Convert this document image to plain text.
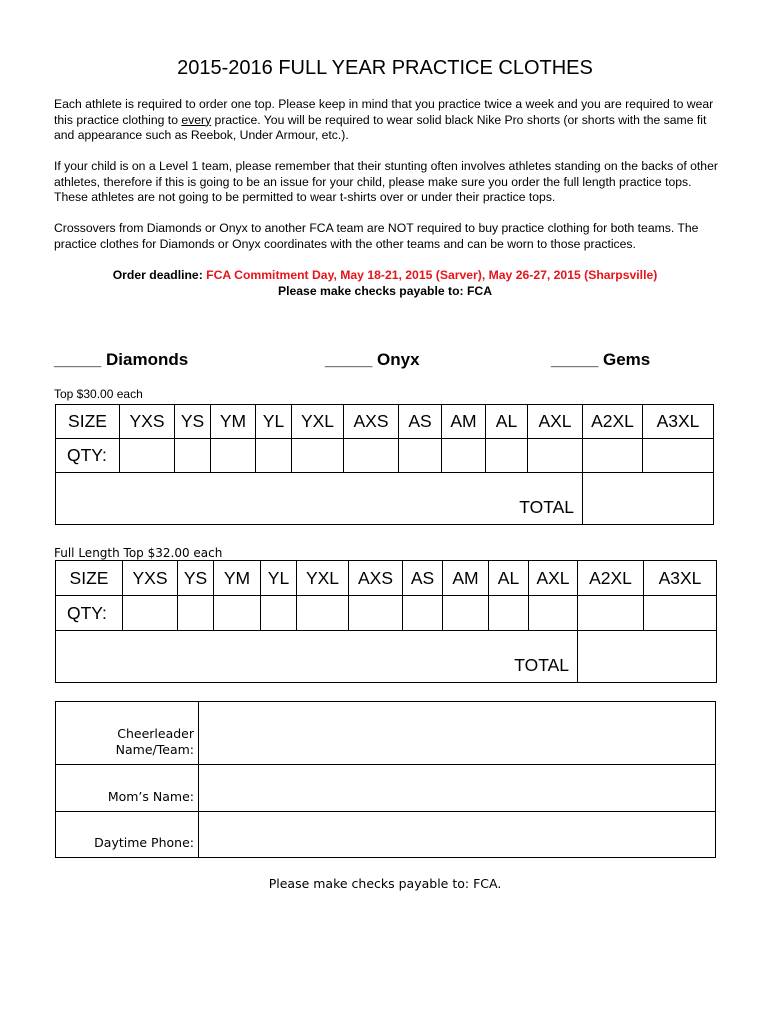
2015-2016 FULL YEAR PRACTICE CLOTHES
Each athlete is required to order one top. Please keep in mind that you practice twice a week and you are required to wear this practice clothing to every practice. You will be required to wear solid black Nike Pro shorts (or shorts with the same fit and appearance such as Reebok, Under Armour, etc.).
If your child is on a Level 1 team, please remember that their stunting often involves athletes standing on the backs of other athletes, therefore if this is going to be an issue for your child, please make sure you order the full length practice tops. These athletes are not going to be permitted to wear t-shirts over or under their practice tops.
Crossovers from Diamonds or Onyx to another FCA team are NOT required to buy practice clothing for both teams. The practice clothes for Diamonds or Onyx coordinates with the other teams and can be worn to those practices.
Order deadline: FCA Commitment Day, May 18-21, 2015 (Sarver), May 26-27, 2015 (Sharpsville)
Please make checks payable to: FCA
_____ Diamonds	_____ Onyx	_____ Gems
Top $30.00 each
SIZE	YXS	YS	YM	YL	YXL	AXS	AS	AM	AL	AXL	A2XL	A3XL
QTY:												
TOTAL												
Full Length Top $32.00 each
SIZE	YXS	YS	YM	YL	YXL	AXS	AS	AM	AL	AXL	A2XL	A3XL
QTY:												
TOTAL												
Cheerleader
Name/Team:	

Mom’s Name:	
Daytime Phone:	
Please make checks payable to: FCA.
